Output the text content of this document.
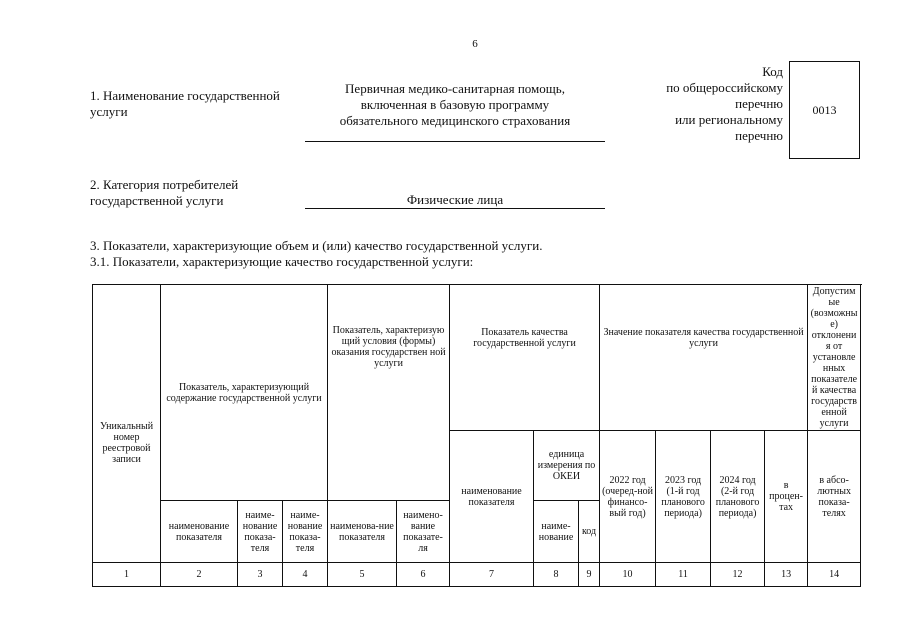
6
1. Наименование государственной услуги
Первичная медико-санитарная помощь,
включенная в базовую программу
обязательного медицинского страхования
Код
по общероссийскому
перечню
или региональному
перечню
0013
2. Категория потребителей
государственной услуги	Физические лица
3. Показатели, характеризующие объем и (или) качество государственной услуги.
3.1. Показатели, характеризующие качество государственной услуги:
Уникальный номер реестровой записи	Показатель, характеризующий содержание государственной услуги			Показатель, характеризую щий условия (формы) оказания государствен ной услуги		Показатель качества государственной услуги			Значение показателя качества государственной услуги				Допустимые (возможные) отклонения от установленных показателей качества государственной услуги
						наименование показателя	единица измерения по ОКЕИ		2022 год (очеред-ной финансо-вый год)	2023 год (1-й год планового периода)	2024 год (2-й год планового периода)	в процен-тах	в абсо-лютных показа-телях
	наименование показателя	наиме-нование показа-теля	наиме-нование показа-теля	наименова-ние показателя	наимено-вание показате-ля		наиме-нование	код					
1	2	3	4	5	6	7	8	9	10	11	12	13	14
